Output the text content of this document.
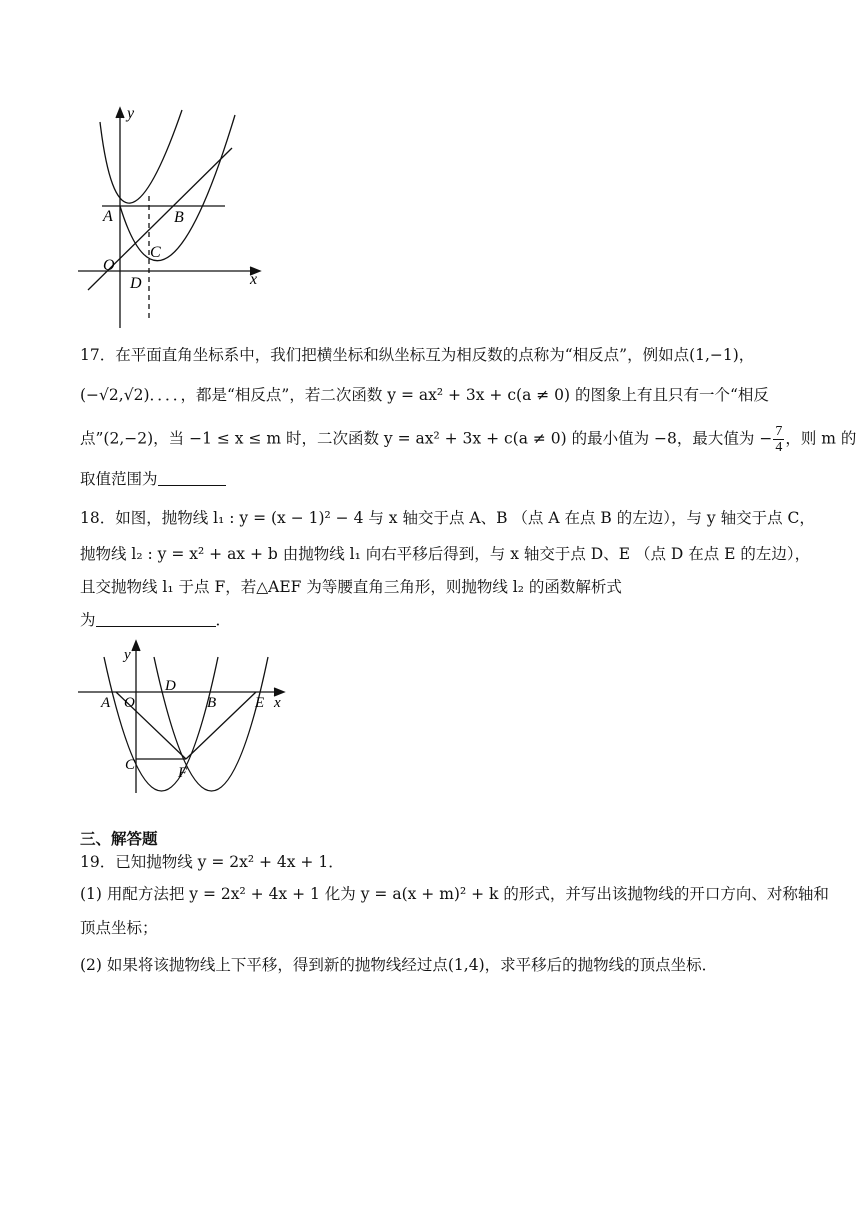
y
A	B
C
O
D	x
17．在平面直角坐标系中，我们把横坐标和纵坐标互为相反数的点称为“相反点”，例如点(1,−1)，
(−√2,√2)．．．．，都是“相反点”，若二次函数 y = ax² + 3x + c(a ≠ 0) 的图象上有且只有一个“相反
点”(2,−2)，当 −1 ≤ x ≤ m 时，二次函数 y = ax² + 3x + c(a ≠ 0) 的最小值为 −8，最大值为 − $\frac{7}{4}$ ，则 m 的
取值范围为
18．如图，抛物线 l₁ : y = (x − 1)² − 4 与 x 轴交于点 A、B （点 A 在点 B 的左边），与 y 轴交于点 C，
抛物线 l₂ : y = x² + ax + b 由抛物线 l₁ 向右平移后得到，与 x 轴交于点 D、E （点 D 在点 E 的左边），
且交抛物线 l₁ 于点 F，若△AEF 为等腰直角三角形，则抛物线 l₂ 的函数解析式
为	．
y
D
A O	B	E x
C	F
三、解答题
19．已知抛物线 y = 2x² + 4x + 1．
(1) 用配方法把 y = 2x² + 4x + 1 化为 y = a(x + m)² + k 的形式，并写出该抛物线的开口方向、对称轴和
顶点坐标；
(2) 如果将该抛物线上下平移，得到新的抛物线经过点(1,4)，求平移后的抛物线的顶点坐标．
